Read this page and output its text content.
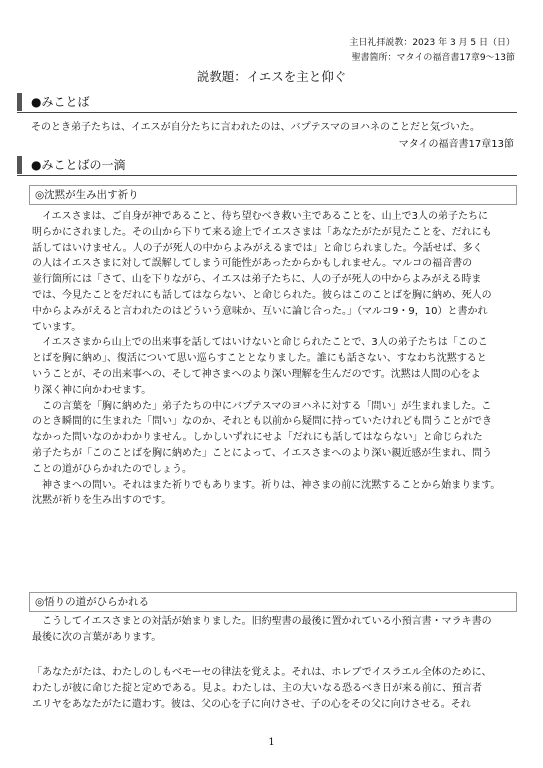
主日礼拝説教：2023 年 3 月 5 日（日）
聖書箇所：マタイの福音書17章9〜13節
説教題：イエスを主と仰ぐ
●みことば
そのとき弟子たちは、イエスが自分たちに言われたのは、バプテスマのヨハネのことだと気づいた。
マタイの福音書17章13節
●みことばの一滴
◎沈黙が生み出す祈り
　イエスさまは、ご自身が神であること、待ち望むべき救い主であることを、山上で3人の弟子たちに
明らかにされました。その山から下りて来る途上でイエスさまは「あなたがたが見たことを、だれにも
話してはいけません。人の子が死人の中からよみがえるまでは」と命じられました。今話せば、多く
の人はイエスさまに対して誤解してしまう可能性があったからかもしれません。マルコの福音書の
並行箇所には「さて、山を下りながら、イエスは弟子たちに、人の子が死人の中からよみがえる時ま
では、今見たことをだれにも話してはならない、と命じられた。彼らはこのことばを胸に納め、死人の
中からよみがえると言われたのはどういう意味か、互いに論じ合った。」（マルコ9・9，10）と書かれ
ています。
　イエスさまから山上での出来事を話してはいけないと命じられたことで、3人の弟子たちは「このこ
とばを胸に納め」、復活について思い巡らすこととなりました。誰にも話さない、すなわち沈黙すると
いうことが、その出来事への、そして神さまへのより深い理解を生んだのです。沈黙は人間の心をよ
り深く神に向かわせます。
　この言葉を「胸に納めた」弟子たちの中にバプテスマのヨハネに対する「問い」が生まれました。こ
のとき瞬間的に生まれた「問い」なのか、それとも以前から疑問に持っていたけれども問うことができ
なかった問いなのかわかりません。しかしいずれにせよ「だれにも話してはならない」と命じられた
弟子たちが「このことばを胸に納めた」ことによって、イエスさまへのより深い親近感が生まれ、問う
ことの道がひらかれたのでしょう。
　神さまへの問い。それはまた祈りでもあります。祈りは、神さまの前に沈黙することから始まります。
沈黙が祈りを生み出すのです。
◎悟りの道がひらかれる
　こうしてイエスさまとの対話が始まりました。旧約聖書の最後に置かれている小預言書・マラキ書の
最後に次の言葉があります。
「あなたがたは、わたしのしもべモーセの律法を覚えよ。それは、ホレブでイスラエル全体のために、
わたしが彼に命じた掟と定めである。見よ。わたしは、主の大いなる恐るべき日が来る前に、預言者
エリヤをあなたがたに遣わす。彼は、父の心を子に向けさせ、子の心をその父に向けさせる。それ
1
